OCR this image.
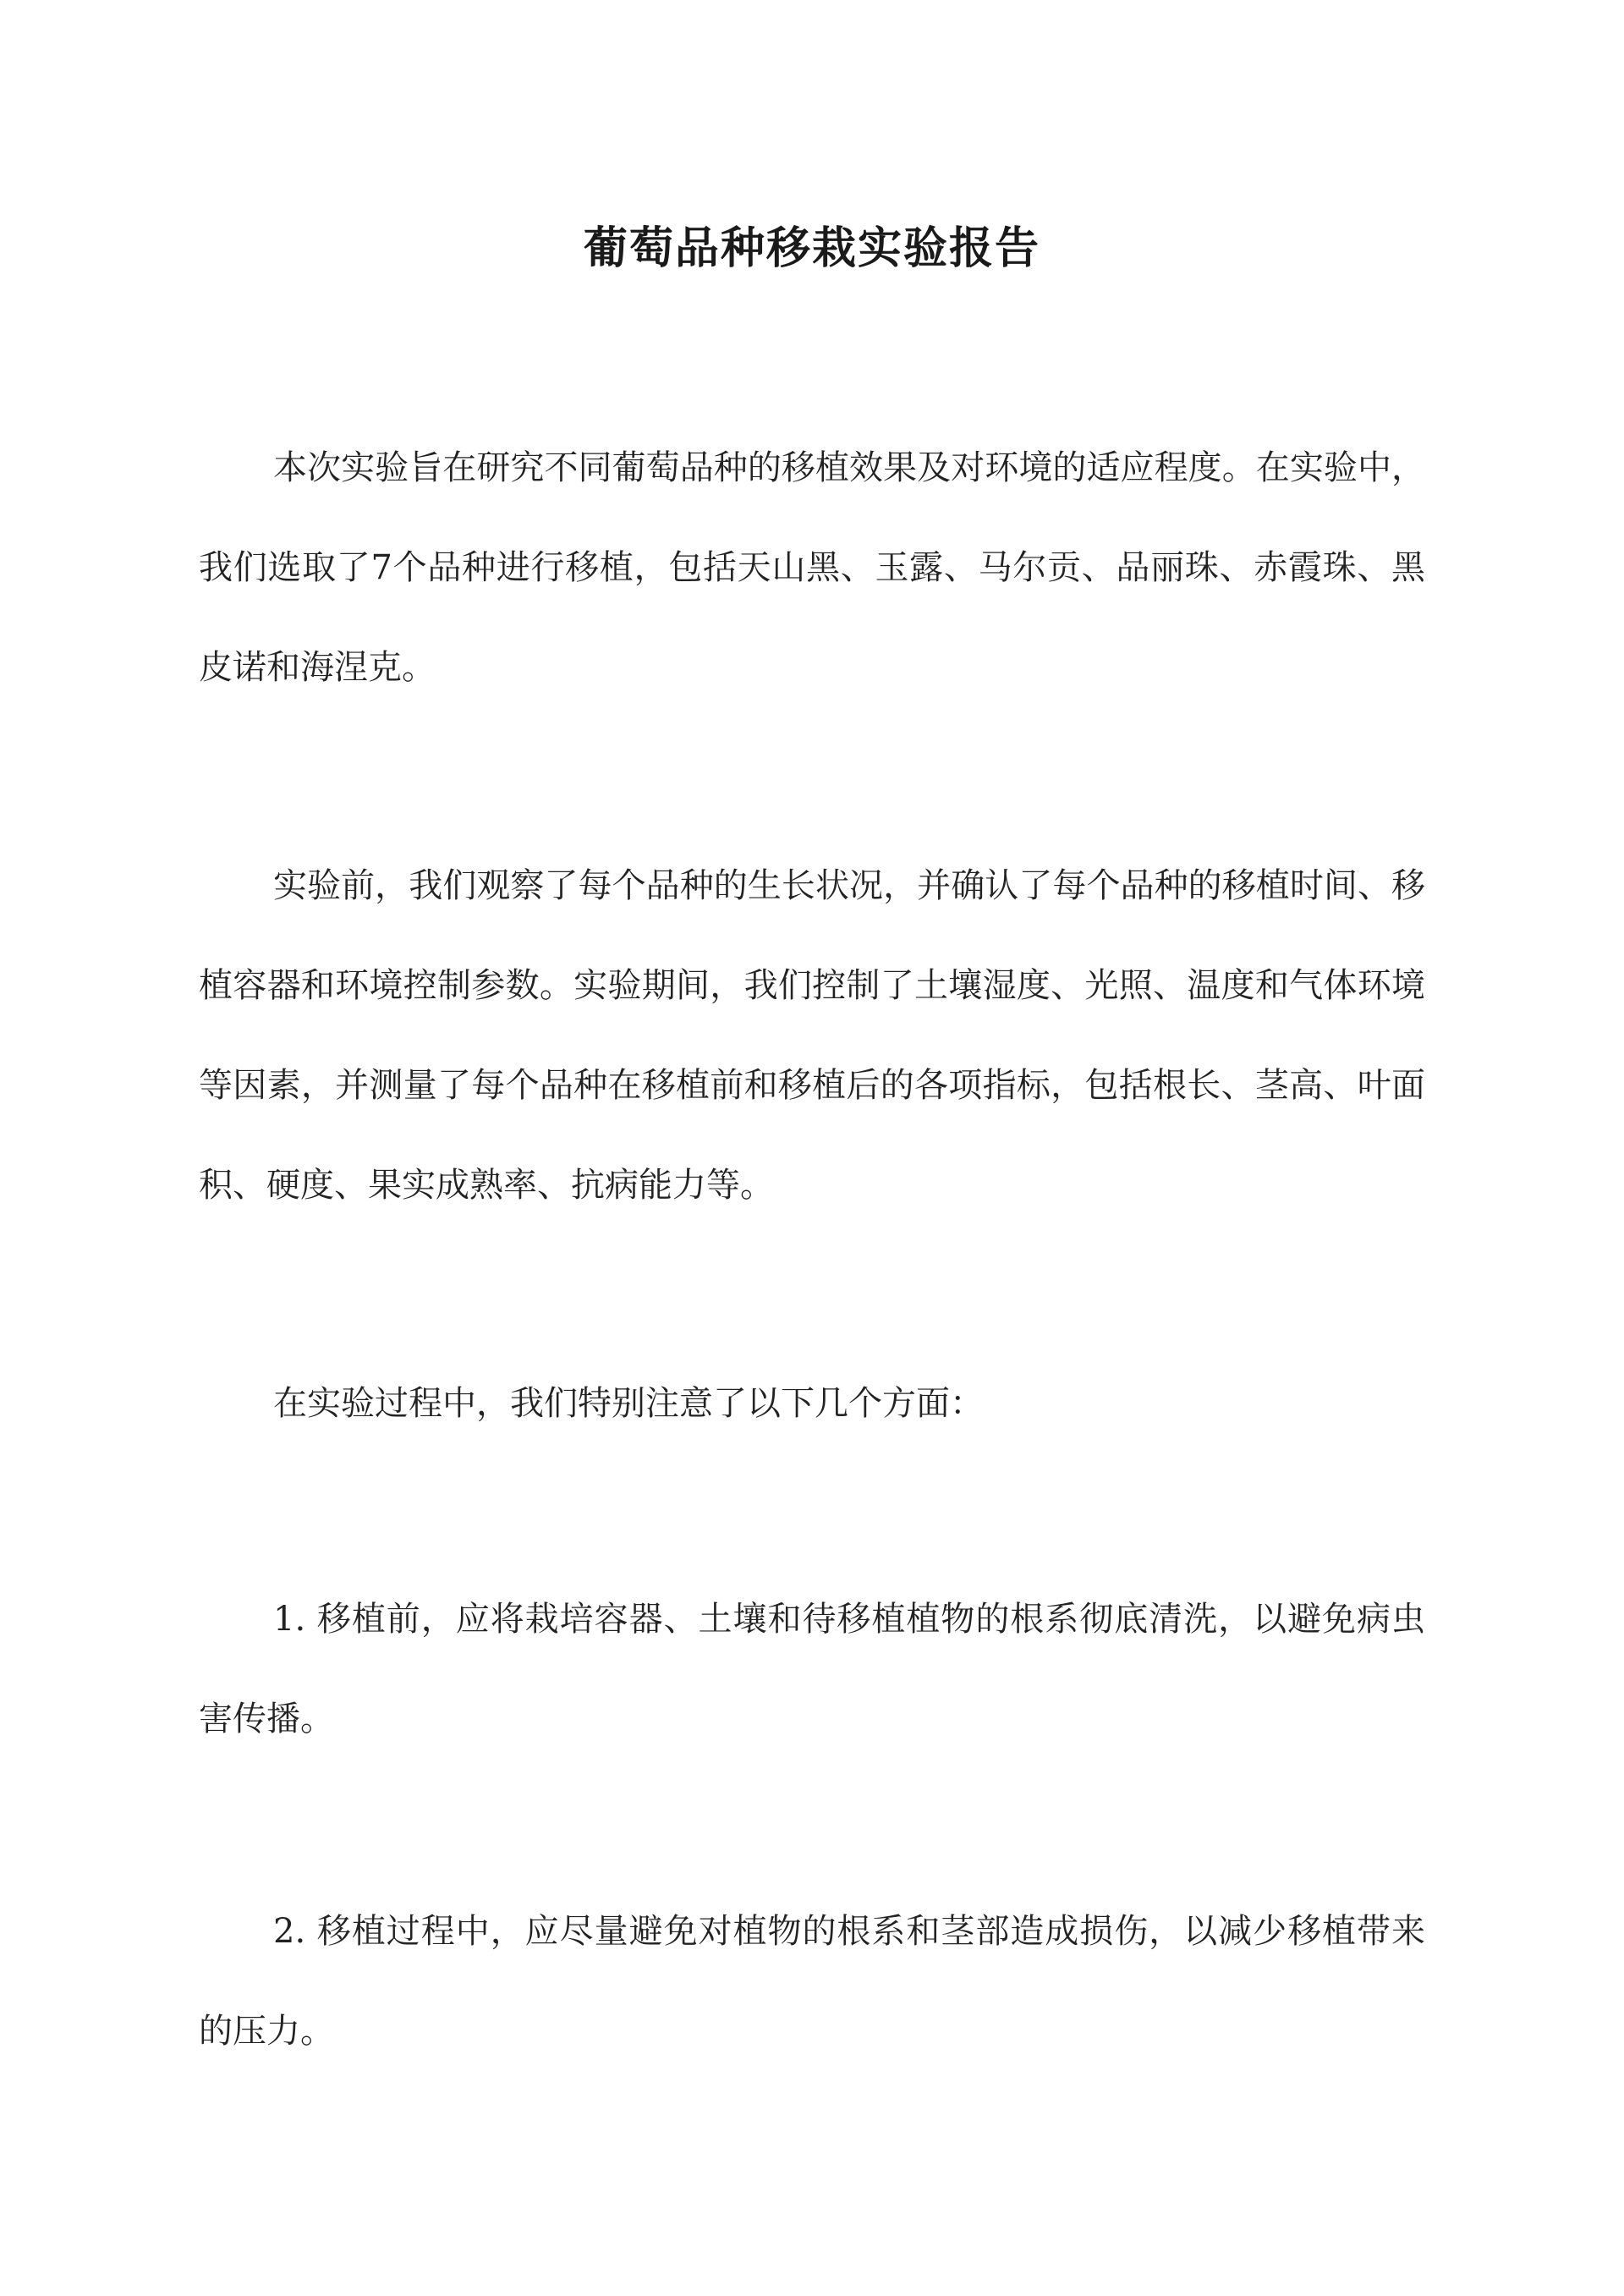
葡萄品种移栽实验报告

本次实验旨在研究不同葡萄品种的移植效果及对环境的适应程度。在实验中，我们选取了7个品种进行移植，包括天山黑、玉露、马尔贡、品丽珠、赤霞珠、黑皮诺和海涅克。

实验前，我们观察了每个品种的生长状况，并确认了每个品种的移植时间、移植容器和环境控制参数。实验期间，我们控制了土壤湿度、光照、温度和气体环境等因素，并测量了每个品种在移植前和移植后的各项指标，包括根长、茎高、叶面积、硬度、果实成熟率、抗病能力等。

在实验过程中，我们特别注意了以下几个方面：

1. 移植前，应将栽培容器、土壤和待移植植物的根系彻底清洗，以避免病虫害传播。

2. 移植过程中，应尽量避免对植物的根系和茎部造成损伤，以减少移植带来的压力。
